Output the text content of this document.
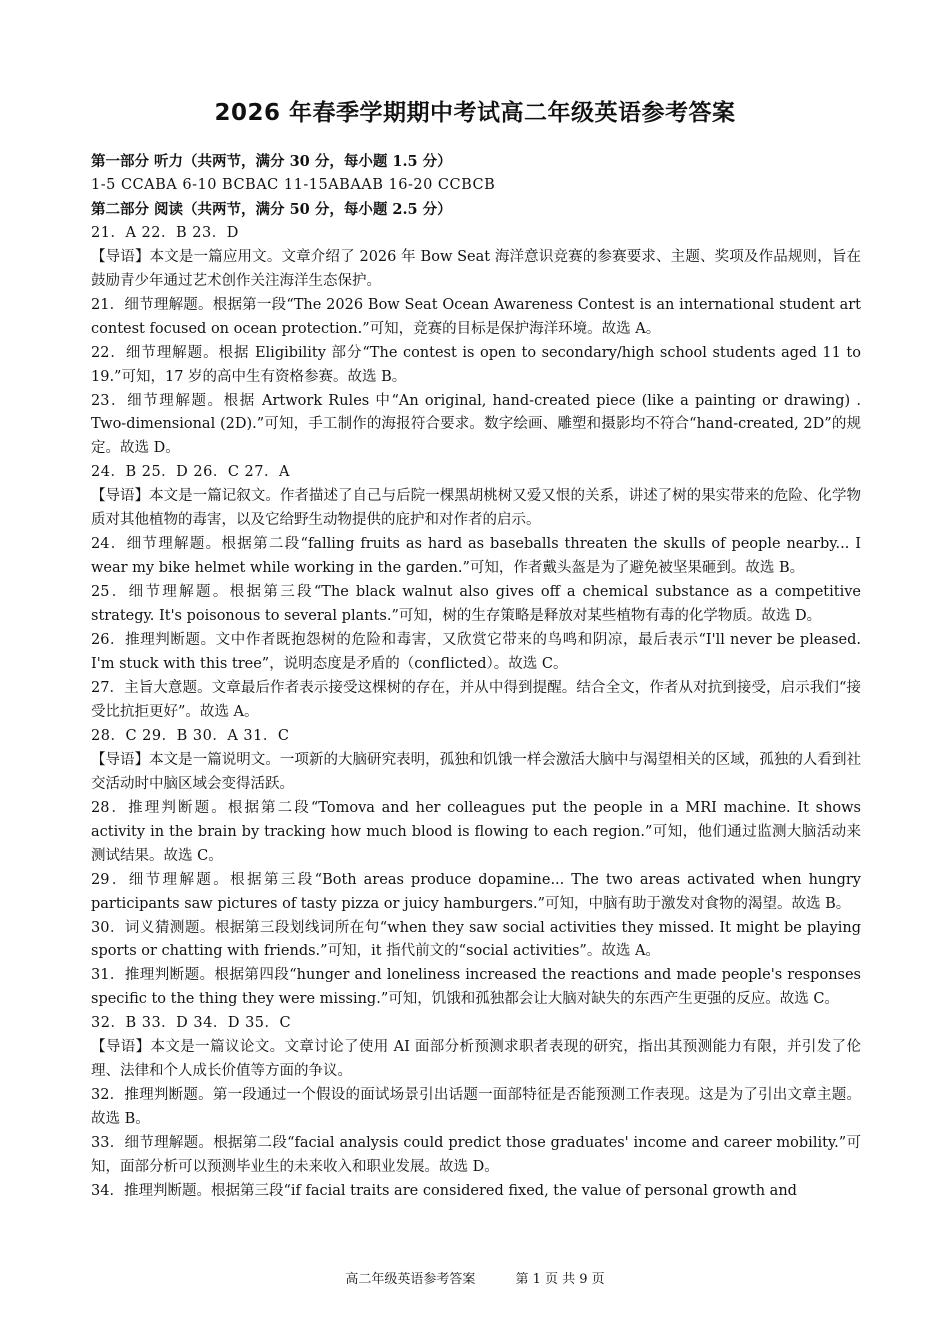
2026 年春季学期期中考试高二年级英语参考答案

第一部分 听力（共两节，满分 30 分，每小题 1.5 分）

1-5 CCABA 6-10 BCBAC 11-15ABAAB 16-20 CCBCB

第二部分 阅读（共两节，满分 50 分，每小题 2.5 分）

21．A 22．B 23．D

【导语】本文是一篇应用文。文章介绍了 2026 年 Bow Seat 海洋意识竞赛的参赛要求、主题、奖项及作品规则，旨在鼓励青少年通过艺术创作关注海洋生态保护。

21．细节理解题。根据第一段“The 2026 Bow Seat Ocean Awareness Contest is an international student art contest focused on ocean protection.”可知，竞赛的目标是保护海洋环境。故选 A。

22．细节理解题。根据 Eligibility 部分“The contest is open to secondary/high school students aged 11 to 19.”可知，17 岁的高中生有资格参赛。故选 B。

23．细节理解题。根据 Artwork Rules 中“An original, hand-created piece (like a painting or drawing) . Two-dimensional (2D).”可知，手工制作的海报符合要求。数字绘画、雕塑和摄影均不符合“hand-created, 2D”的规定。故选 D。

24．B 25．D 26．C 27．A

【导语】本文是一篇记叙文。作者描述了自己与后院一棵黑胡桃树又爱又恨的关系，讲述了树的果实带来的危险、化学物质对其他植物的毒害，以及它给野生动物提供的庇护和对作者的启示。

24．细节理解题。根据第二段“falling fruits as hard as baseballs threaten the skulls of people nearby... I wear my bike helmet while working in the garden.”可知，作者戴头盔是为了避免被坚果砸到。故选 B。

25．细节理解题。根据第三段“The black walnut also gives off a chemical substance as a competitive strategy. It's poisonous to several plants.”可知，树的生存策略是释放对某些植物有毒的化学物质。故选 D。

26．推理判断题。文中作者既抱怨树的危险和毒害，又欣赏它带来的鸟鸣和阴凉，最后表示“I'll never be pleased. I'm stuck with this tree”，说明态度是矛盾的（conflicted）。故选 C。

27．主旨大意题。文章最后作者表示接受这棵树的存在，并从中得到提醒。结合全文，作者从对抗到接受，启示我们“接受比抗拒更好”。故选 A。

28．C 29．B 30．A 31．C

【导语】本文是一篇说明文。一项新的大脑研究表明，孤独和饥饿一样会激活大脑中与渴望相关的区域，孤独的人看到社交活动时中脑区域会变得活跃。

28．推理判断题。根据第二段“Tomova and her colleagues put the people in a MRI machine. It shows activity in the brain by tracking how much blood is flowing to each region.”可知，他们通过监测大脑活动来测试结果。故选 C。

29．细节理解题。根据第三段“Both areas produce dopamine... The two areas activated when hungry participants saw pictures of tasty pizza or juicy hamburgers.”可知，中脑有助于激发对食物的渴望。故选 B。

30．词义猜测题。根据第三段划线词所在句“when they saw social activities they missed. It might be playing sports or chatting with friends.”可知，it 指代前文的“social activities”。故选 A。

31．推理判断题。根据第四段“hunger and loneliness increased the reactions and made people's responses specific to the thing they were missing.”可知，饥饿和孤独都会让大脑对缺失的东西产生更强的反应。故选 C。

32．B 33．D 34．D 35．C

【导语】本文是一篇议论文。文章讨论了使用 AI 面部分析预测求职者表现的研究，指出其预测能力有限，并引发了伦理、法律和个人成长价值等方面的争议。

32．推理判断题。第一段通过一个假设的面试场景引出话题一面部特征是否能预测工作表现。这是为了引出文章主题。故选 B。

33．细节理解题。根据第二段“facial analysis could predict those graduates' income and career mobility.”可知，面部分析可以预测毕业生的未来收入和职业发展。故选 D。

34．推理判断题。根据第三段“if facial traits are considered fixed, the value of personal growth and

高二年级英语参考答案	第 1 页 共 9 页
